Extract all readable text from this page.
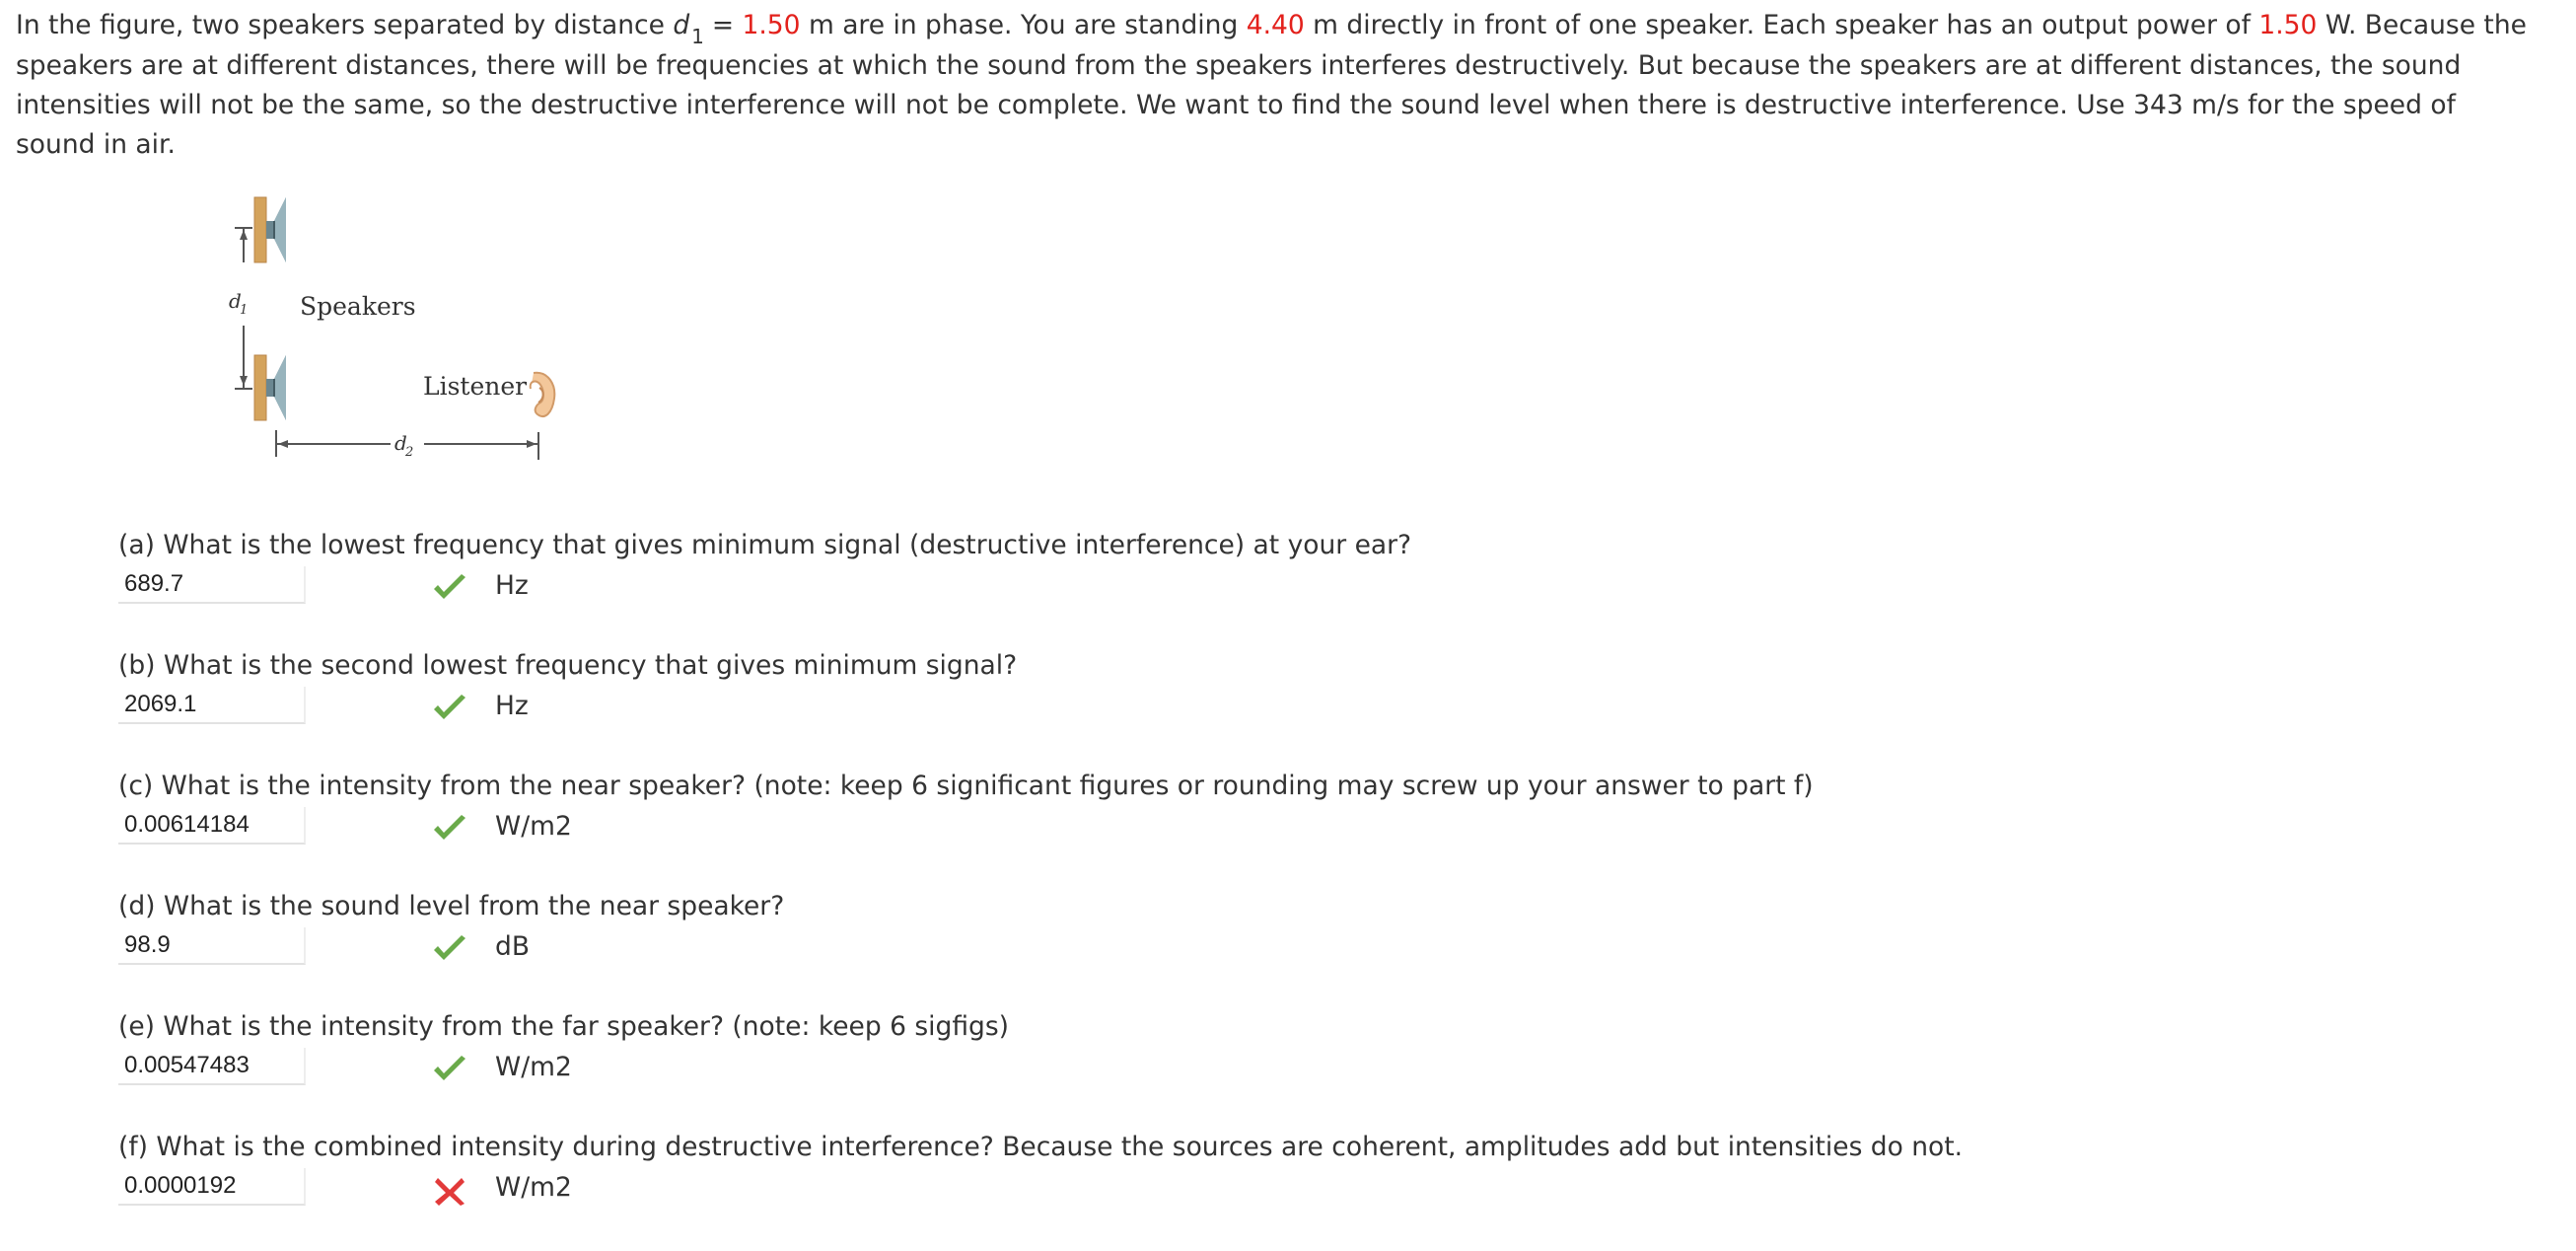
In the figure, two speakers separated by distance d $_1$ = 1.50 m are in phase. You are standing 4.40 m directly in front of one speaker. Each speaker has an output power of 1.50 W. Because the speakers are at different distances, there will be frequencies at which the sound from the speakers interferes destructively. But because the speakers are at different distances, the sound intensities will not be the same, so the destructive interference will not be complete. We want to find the sound level when there is destructive interference. Use 343 m/s for the speed of sound in air.

d
1 Speakers
Listener
d
2

(a) What is the lowest frequency that gives minimum signal (destructive interference) at your ear?

689.7
Hz

(b) What is the second lowest frequency that gives minimum signal?

2069.1
Hz

(c) What is the intensity from the near speaker? (note: keep 6 significant figures or rounding may screw up your answer to part f)

0.00614184
W/m2

(d) What is the sound level from the near speaker?

98.9
dB

(e) What is the intensity from the far speaker? (note: keep 6 sigfigs)

0.00547483
W/m2

(f) What is the combined intensity during destructive interference? Because the sources are coherent, amplitudes add but intensities do not.

0.0000192
W/m2
